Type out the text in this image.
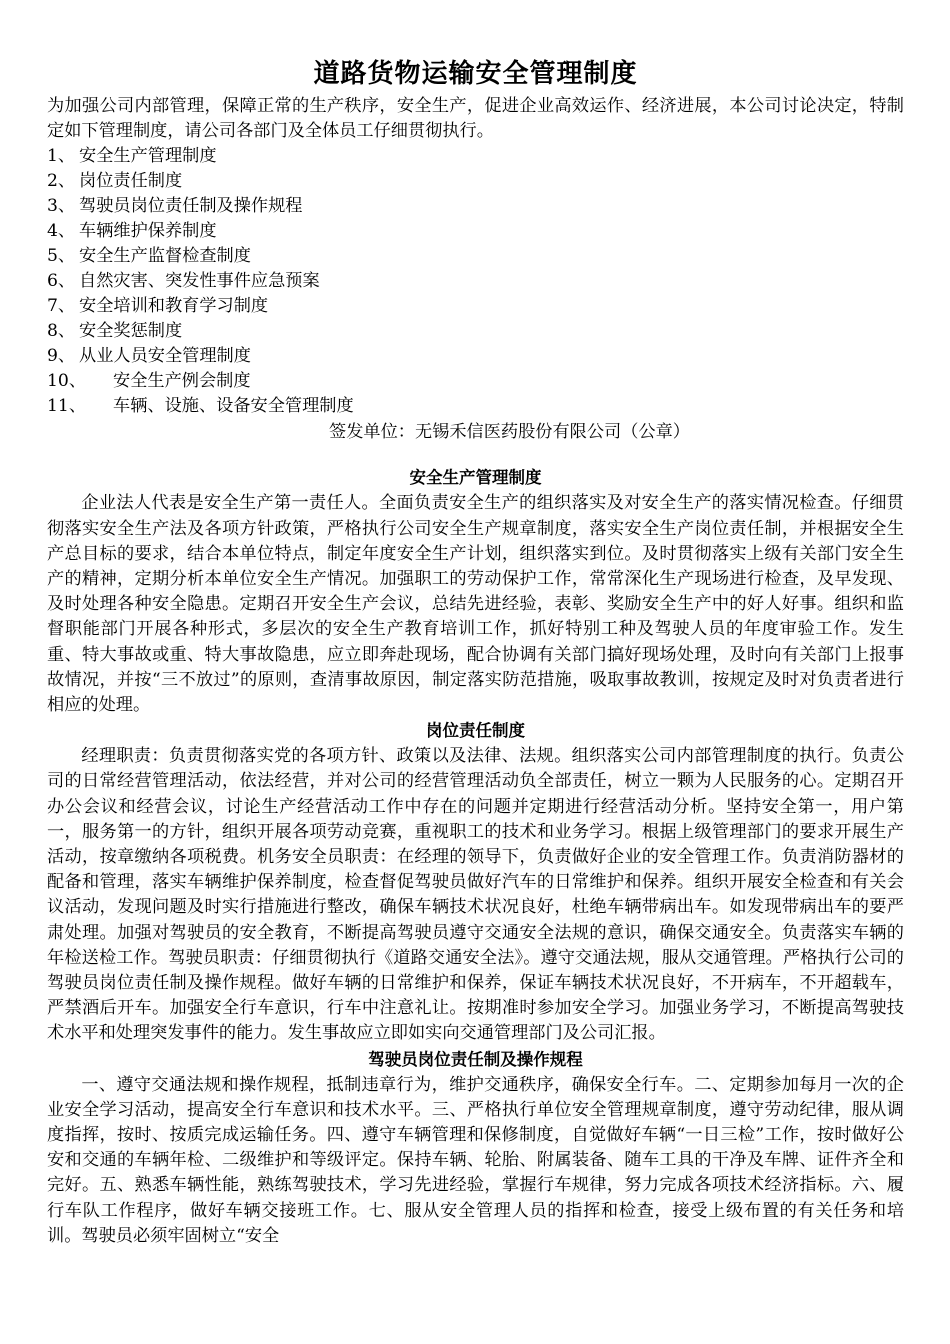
道路货物运输安全管理制度

为加强公司内部管理，保障正常的生产秩序，安全生产，促进企业高效运作、经济进展，本公司讨论决定，特制定如下管理制度，请公司各部门及全体员工仔细贯彻执行。

1、 安全生产管理制度
2、 岗位责任制度
3、 驾驶员岗位责任制及操作规程
4、 车辆维护保养制度
5、 安全生产监督检查制度
6、 自然灾害、突发性事件应急预案
7、 安全培训和教育学习制度
8、 安全奖惩制度
9、 从业人员安全管理制度
10、	安全生产例会制度
11、	车辆、设施、设备安全管理制度

签发单位：无锡禾信医药股份有限公司（公章）

安全生产管理制度

企业法人代表是安全生产第一责任人。全面负责安全生产的组织落实及对安全生产的落实情况检查。仔细贯彻落实安全生产法及各项方针政策，严格执行公司安全生产规章制度，落实安全生产岗位责任制，并根据安全生产总目标的要求，结合本单位特点，制定年度安全生产计划，组织落实到位。及时贯彻落实上级有关部门安全生产的精神，定期分析本单位安全生产情况。加强职工的劳动保护工作，常常深化生产现场进行检查，及早发现、及时处理各种安全隐患。定期召开安全生产会议，总结先进经验，表彰、奖励安全生产中的好人好事。组织和监督职能部门开展各种形式，多层次的安全生产教育培训工作，抓好特别工种及驾驶人员的年度审验工作。发生重、特大事故或重、特大事故隐患，应立即奔赴现场，配合协调有关部门搞好现场处理，及时向有关部门上报事故情况，并按“三不放过”的原则，查清事故原因，制定落实防范措施，吸取事故教训，按规定及时对负责者进行相应的处理。

岗位责任制度

经理职责：负责贯彻落实党的各项方针、政策以及法律、法规。组织落实公司内部管理制度的执行。负责公司的日常经营管理活动，依法经营，并对公司的经营管理活动负全部责任，树立一颗为人民服务的心。定期召开办公会议和经营会议，讨论生产经营活动工作中存在的问题并定期进行经营活动分析。坚持安全第一，用户第一，服务第一的方针，组织开展各项劳动竞赛，重视职工的技术和业务学习。根据上级管理部门的要求开展生产活动，按章缴纳各项税费。机务安全员职责：在经理的领导下，负责做好企业的安全管理工作。负责消防器材的配备和管理，落实车辆维护保养制度，检查督促驾驶员做好汽车的日常维护和保养。组织开展安全检查和有关会议活动，发现问题及时实行措施进行整改，确保车辆技术状况良好，杜绝车辆带病出车。如发现带病出车的要严肃处理。加强对驾驶员的安全教育，不断提高驾驶员遵守交通安全法规的意识，确保交通安全。负责落实车辆的年检送检工作。驾驶员职责：仔细贯彻执行《道路交通安全法》。遵守交通法规，服从交通管理。严格执行公司的驾驶员岗位责任制及操作规程。做好车辆的日常维护和保养，保证车辆技术状况良好，不开病车，不开超载车，严禁酒后开车。加强安全行车意识，行车中注意礼让。按期准时参加安全学习。加强业务学习，不断提高驾驶技术水平和处理突发事件的能力。发生事故应立即如实向交通管理部门及公司汇报。

驾驶员岗位责任制及操作规程

一、遵守交通法规和操作规程，抵制违章行为，维护交通秩序，确保安全行车。二、定期参加每月一次的企业安全学习活动，提高安全行车意识和技术水平。三、严格执行单位安全管理规章制度，遵守劳动纪律，服从调度指挥，按时、按质完成运输任务。四、遵守车辆管理和保修制度，自觉做好车辆“一日三检”工作，按时做好公安和交通的车辆年检、二级维护和等级评定。保持车辆、轮胎、附属装备、随车工具的干净及车牌、证件齐全和完好。五、熟悉车辆性能，熟练驾驶技术，学习先进经验，掌握行车规律，努力完成各项技术经济指标。六、履行车队工作程序，做好车辆交接班工作。七、服从安全管理人员的指挥和检查，接受上级布置的有关任务和培训。驾驶员必须牢固树立“安全
